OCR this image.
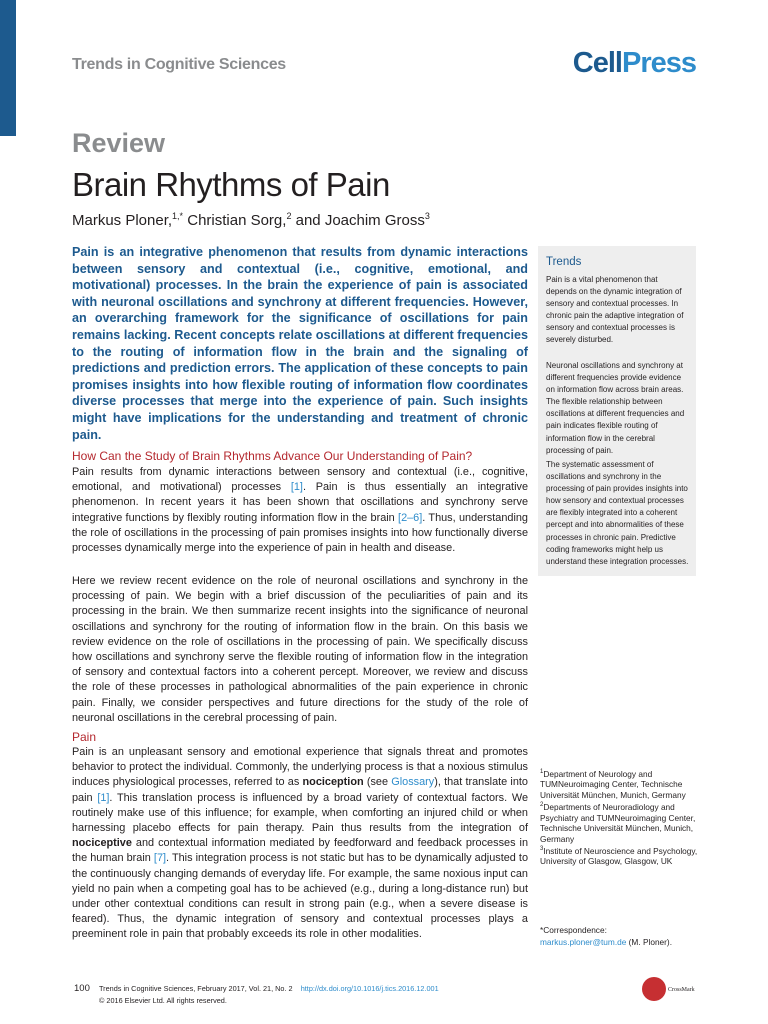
Trends in Cognitive Sciences	CellPress
Review
Brain Rhythms of Pain
Markus Ploner,$^{1,*}$ Christian Sorg,$^2$ and Joachim Gross$^3$

Pain is an integrative phenomenon that results from dynamic interactions between sensory and contextual (i.e., cognitive, emotional, and motivational) processes. In the brain the experience of pain is associated with neuronal oscillations and synchrony at different frequencies. However, an overarching framework for the significance of oscillations for pain remains lacking. Recent concepts relate oscillations at different frequencies to the routing of information flow in the brain and the signaling of predictions and prediction errors. The application of these concepts to pain promises insights into how flexible routing of information flow coordinates diverse processes that merge into the experience of pain. Such insights might have implications for the understanding and treatment of chronic pain.

How Can the Study of Brain Rhythms Advance Our Understanding of Pain?

Pain results from dynamic interactions between sensory and contextual (i.e., cognitive, emotional, and motivational) processes [1]. Pain is thus essentially an integrative phenomenon. In recent years it has been shown that oscillations and synchrony serve integrative functions by flexibly routing information flow in the brain [2–6]. Thus, understanding the role of oscillations in the processing of pain promises insights into how functionally diverse processes dynamically merge into the experience of pain in health and disease.

Here we review recent evidence on the role of neuronal oscillations and synchrony in the processing of pain. We begin with a brief discussion of the peculiarities of pain and its processing in the brain. We then summarize recent insights into the significance of neuronal oscillations and synchrony for the routing of information flow in the brain. On this basis we review evidence on the role of oscillations in the processing of pain. We specifically discuss how oscillations and synchrony serve the flexible routing of information flow in the integration of sensory and contextual factors into a coherent percept. Moreover, we review and discuss the role of these processes in pathological abnormalities of the pain experience in chronic pain. Finally, we consider perspectives and future directions for the study of the role of neuronal oscillations in the cerebral processing of pain.

Pain

Pain is an unpleasant sensory and emotional experience that signals threat and promotes behavior to protect the individual. Commonly, the underlying process is that a noxious stimulus induces physiological processes, referred to as nociception (see Glossary), that translate into pain [1]. This translation process is influenced by a broad variety of contextual factors. We routinely make use of this influence; for example, when comforting an injured child or when harnessing placebo effects for pain therapy. Pain thus results from the integration of nociceptive and contextual information mediated by feedforward and feedback processes in the human brain [7]. This integration process is not static but has to be dynamically adjusted to the continuously changing demands of everyday life. For example, the same noxious input can yield no pain when a competing goal has to be achieved (e.g., during a long-distance run) but under other contextual conditions can result in strong pain (e.g., when a severe disease is feared). Thus, the dynamic integration of sensory and contextual processes plays a preeminent role in pain that probably exceeds its role in other modalities.

Trends

Pain is a vital phenomenon that depends on the dynamic integration of sensory and contextual processes. In chronic pain the adaptive integration of sensory and contextual processes is severely disturbed.

Neuronal oscillations and synchrony at different frequencies provide evidence on information flow across brain areas. The flexible relationship between oscillations at different frequencies and pain indicates flexible routing of information flow in the cerebral processing of pain.

The systematic assessment of oscillations and synchrony in the processing of pain provides insights into how sensory and contextual processes are flexibly integrated into a coherent percept and into abnormalities of these processes in chronic pain. Predictive coding frameworks might help us understand these integration processes.

$^1$Department of Neurology and TUMNeuroimaging Center, Technische Universität München, Munich, Germany
$^2$Departments of Neuroradiology and Psychiatry and TUMNeuroimaging Center, Technische Universität München, Munich, Germany
$^3$Institute of Neuroscience and Psychology, University of Glasgow, Glasgow, UK
*Correspondence:
markus.ploner@tum.de (M. Ploner).
100 Trends in Cognitive Sciences, February 2017, Vol. 21, No. 2 http://dx.doi.org/10.1016/j.tics.2016.12.001
© 2016 Elsevier Ltd. All rights reserved.
CrossMark
